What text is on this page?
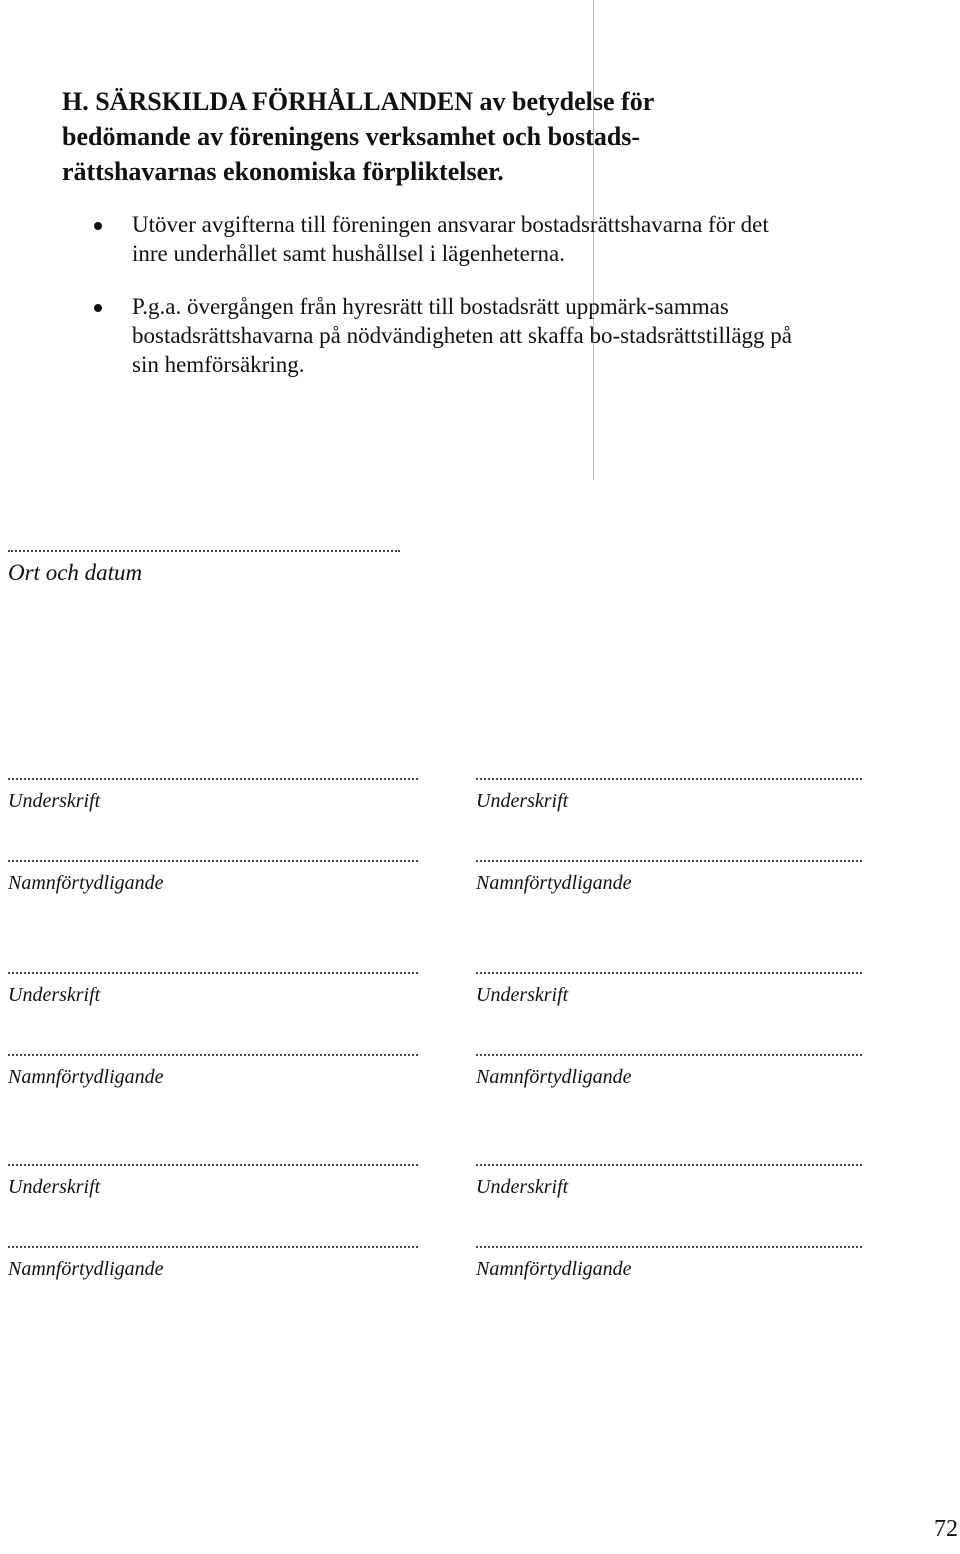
H. SÄRSKILDA FÖRHÅLLANDEN av betydelse för bedömande av föreningens verksamhet och bostads-rättshavarnas ekonomiska förpliktelser.
Utöver avgifterna till föreningen ansvarar bostadsrättshavarna för det inre underhållet samt hushållsel i lägenheterna.
P.g.a. övergången från hyresrätt till bostadsrätt uppmärk-sammas bostadsrättshavarna på nödvändigheten att skaffa bo-stadsrättstillägg på sin hemförsäkring.
Ort och datum
Underskrift	Underskrift
Namnförtydligande	Namnförtydligande
Underskrift	Underskrift
Namnförtydligande	Namnförtydligande
Underskrift	Underskrift
Namnförtydligande	Namnförtydligande
72
